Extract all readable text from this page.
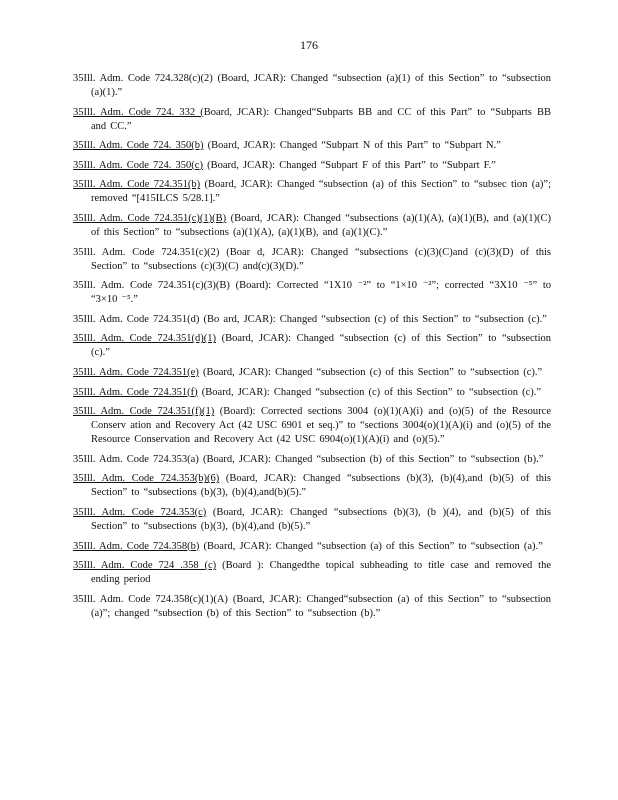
176
35Ill. Adm. Code 724.328(c)(2) (Board, JCAR): Changed “subsection (a)(1) of this Section” to “subsection (a)(1).”
35Ill. Adm. Code 724. 332 (Board, JCAR): Changed“Subparts BB and CC of this Part” to “Subparts BB and CC.”
35Ill. Adm. Code 724. 350(b) (Board, JCAR): Changed “Subpart N of this Part” to “Subpart N.”
35Ill. Adm. Code 724. 350(c) (Board, JCAR): Changed “Subpart F of this Part” to “Subpart F.”
35Ill. Adm. Code 724.351(b) (Board, JCAR): Changed “subsection (a) of this Section” to “subsec tion (a)”; removed “[415ILCS 5/28.1].”
35Ill. Adm. Code 724.351(c)(1)(B) (Board, JCAR): Changed “subsections (a)(1)(A), (a)(1)(B), and (a)(1)(C) of this Section” to “subsections (a)(1)(A), (a)(1)(B), and (a)(1)(C).”
35Ill. Adm. Code 724.351(c)(2) (Boar d, JCAR): Changed “subsections (c)(3)(C)and (c)(3)(D) of this Section” to “subsections (c)(3)(C) and(c)(3)(D).”
35Ill. Adm. Code 724.351(c)(3)(B) (Board): Corrected “1X10 ⁻²” to “1×10 ⁻²”; corrected “3X10 ⁻⁵” to “3×10 ⁻⁵.”
35Ill. Adm. Code 724.351(d) (Bo ard, JCAR): Changed “subsection (c) of this Section” to “subsection (c).”
35Ill. Adm. Code 724.351(d)(1) (Board, JCAR): Changed “subsection (c) of this Section” to “subsection (c).”
35Ill. Adm. Code 724.351(e) (Board, JCAR): Changed “subsection (c) of this Section” to “subsection (c).”
35Ill. Adm. Code 724.351(f) (Board, JCAR): Changed “subsection (c) of this Section” to “subsection (c).”
35Ill. Adm. Code 724.351(f)(1) (Board): Corrected sections 3004 (o)(1)(A)(i) and (o)(5) of the Resource Conserv ation and Recovery Act (42 USC 6901 et seq.)” to “sections 3004(o)(1)(A)(i) and (o)(5) of the Resource Conservation and Recovery Act (42 USC 6904(o)(1)(A)(i) and (o)(5).”
35Ill. Adm. Code 724.353(a) (Board, JCAR): Changed “subsection (b) of this Section” to “subsection (b).”
35Ill. Adm. Code 724.353(b)(6) (Board, JCAR): Changed “subsections (b)(3), (b)(4),and (b)(5) of this Section” to “subsections (b)(3), (b)(4),and(b)(5).”
35Ill. Adm. Code 724.353(c) (Board, JCAR): Changed “subsections (b)(3), (b )(4), and (b)(5) of this Section” to “subsections (b)(3), (b)(4),and (b)(5).”
35Ill. Adm. Code 724.358(b) (Board, JCAR): Changed “subsection (a) of this Section” to “subsection (a).”
35Ill. Adm. Code 724 .358 (c) (Board ): Changedthe topical subheading to title case and removed the ending period
35Ill. Adm. Code 724.358(c)(1)(A) (Board, JCAR): Changed“subsection (a) of this Section” to “subsection (a)”; changed “subsection (b) of this Section” to “subsection (b).”
